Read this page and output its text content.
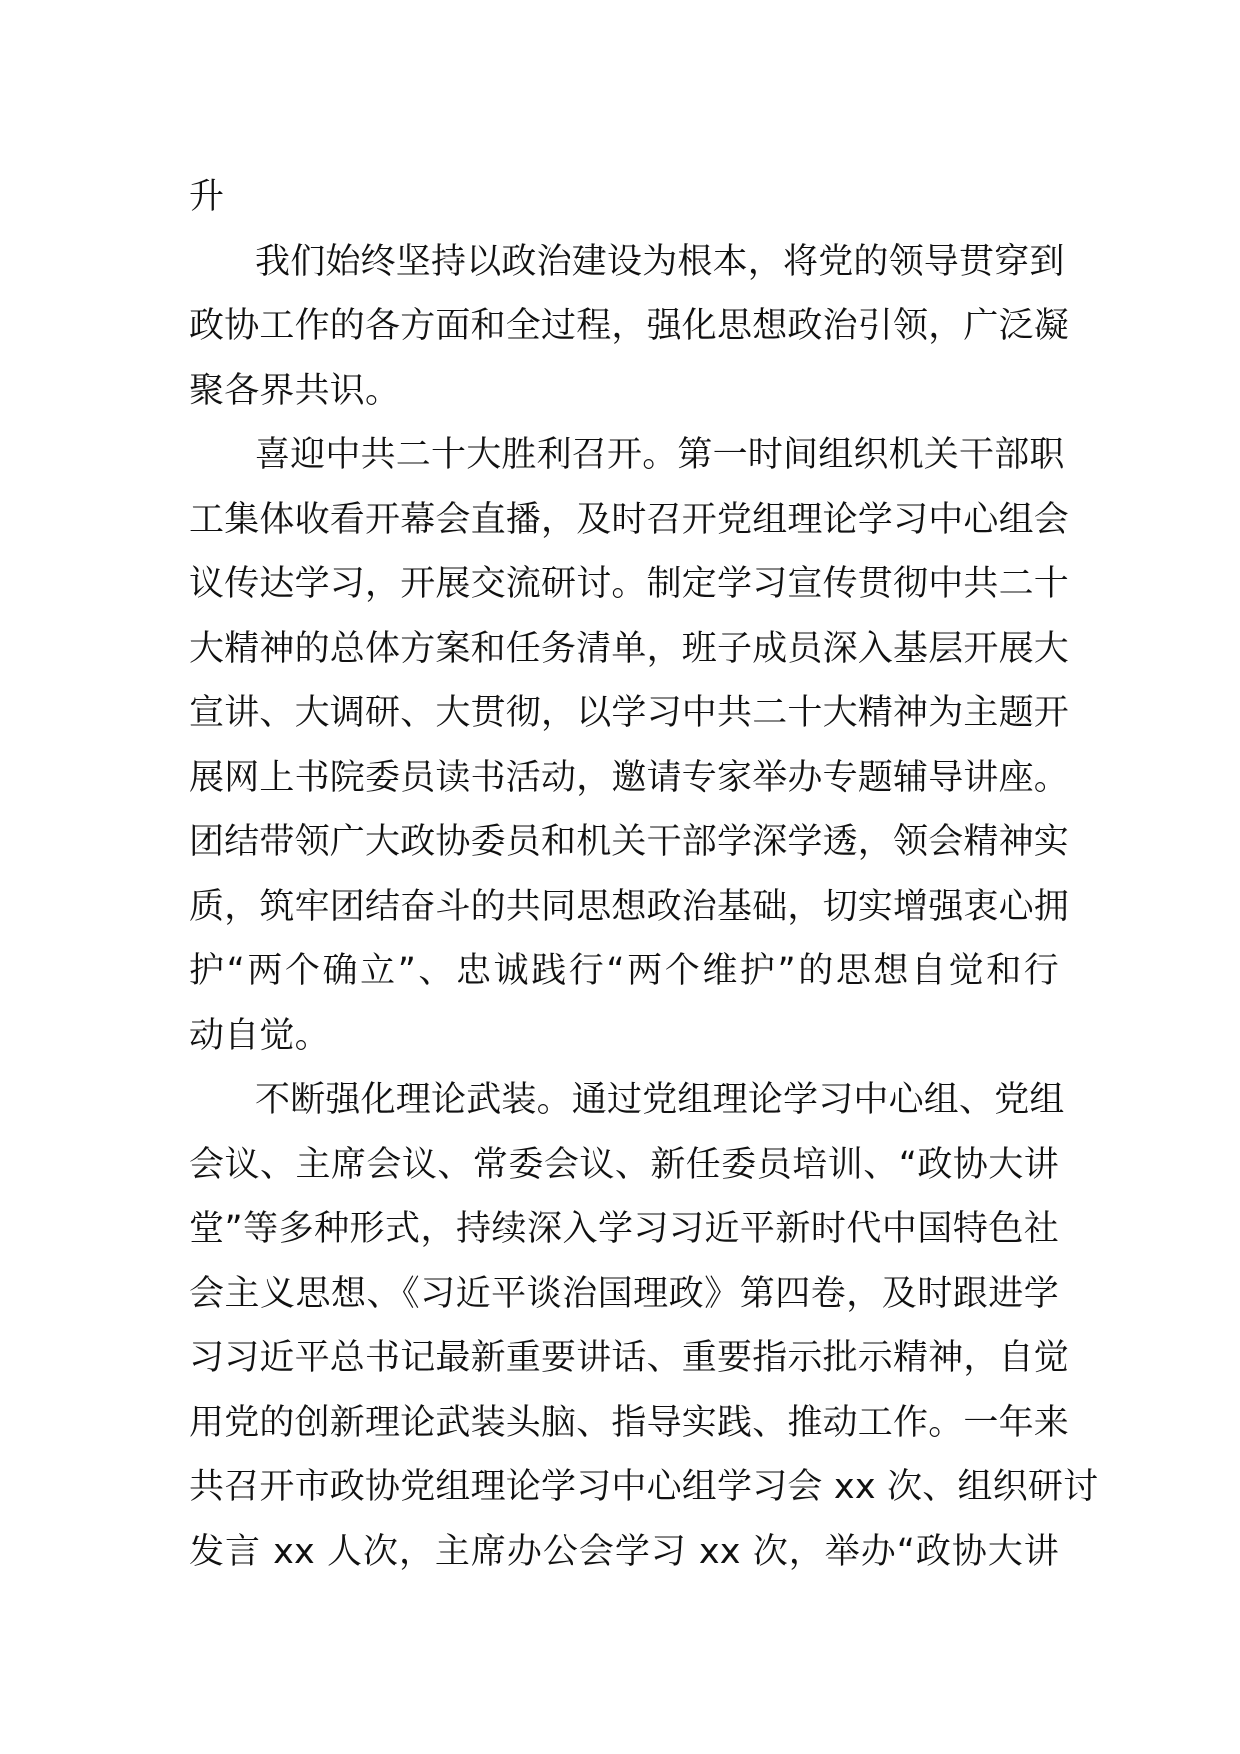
升
我们始终坚持以政治建设为根本，将党的领导贯穿到
政协工作的各方面和全过程，强化思想政治引领，广泛凝
聚各界共识。
喜迎中共二十大胜利召开。第一时间组织机关干部职
工集体收看开幕会直播，及时召开党组理论学习中心组会
议传达学习，开展交流研讨。制定学习宣传贯彻中共二十
大精神的总体方案和任务清单，班子成员深入基层开展大
宣讲、大调研、大贯彻，以学习中共二十大精神为主题开
展网上书院委员读书活动，邀请专家举办专题辅导讲座。
团结带领广大政协委员和机关干部学深学透，领会精神实
质，筑牢团结奋斗的共同思想政治基础，切实增强衷心拥
护“两个确立”、忠诚践行“两个维护”的思想自觉和行
动自觉。
不断强化理论武装。通过党组理论学习中心组、党组
会议、主席会议、常委会议、新任委员培训、“政协大讲
堂”等多种形式，持续深入学习习近平新时代中国特色社
会主义思想、《习近平谈治国理政》第四卷，及时跟进学
习习近平总书记最新重要讲话、重要指示批示精神，自觉
用党的创新理论武装头脑、指导实践、推动工作。一年来
共召开市政协党组理论学习中心组学习会 xx 次、组织研讨
发言 xx 人次，主席办公会学习 xx 次，举办“政协大讲
